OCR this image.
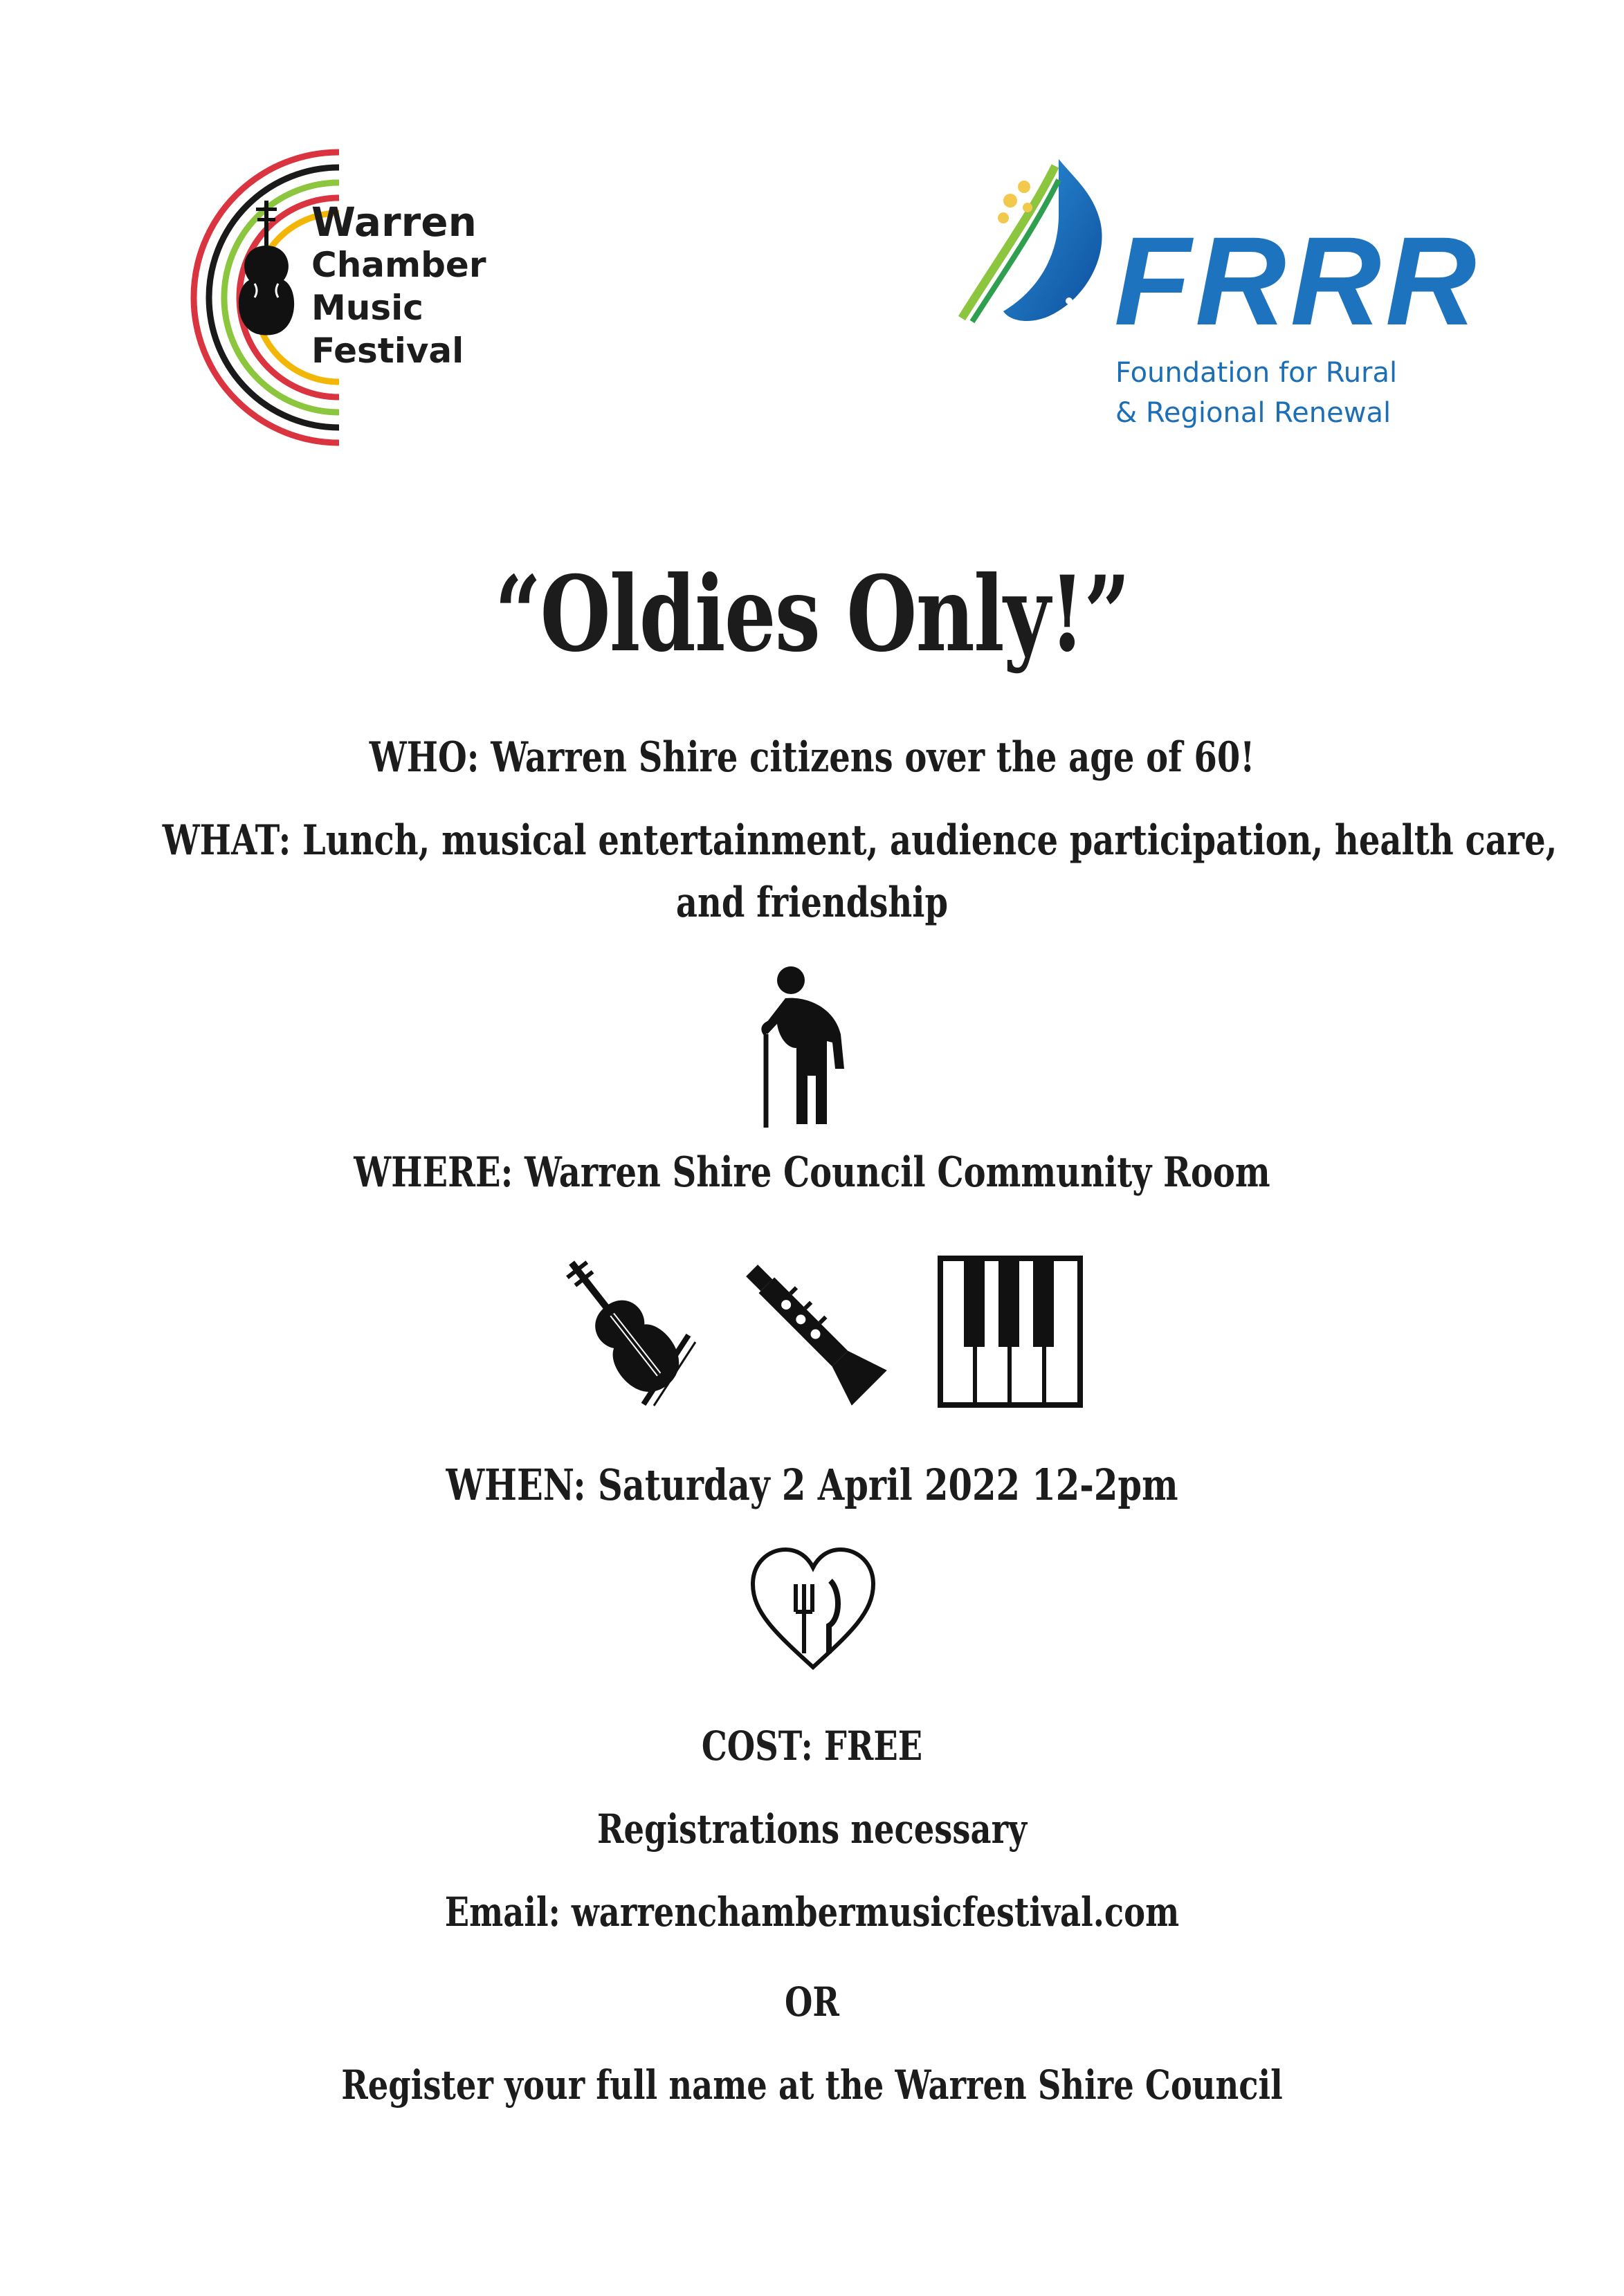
Warren
Chamber
Music
Festival	FRRR
Foundation for Rural
& Regional Renewal
“Oldies Only!”
WHO: Warren Shire citizens over the age of 60!
WHAT: Lunch, musical entertainment, audience participation, health care,
and friendship
WHERE: Warren Shire Council Community Room
WHEN: Saturday 2 April 2022 12-2pm
COST: FREE
Registrations necessary
Email: warrenchambermusicfestival.com
OR
Register your full name at the Warren Shire Council
